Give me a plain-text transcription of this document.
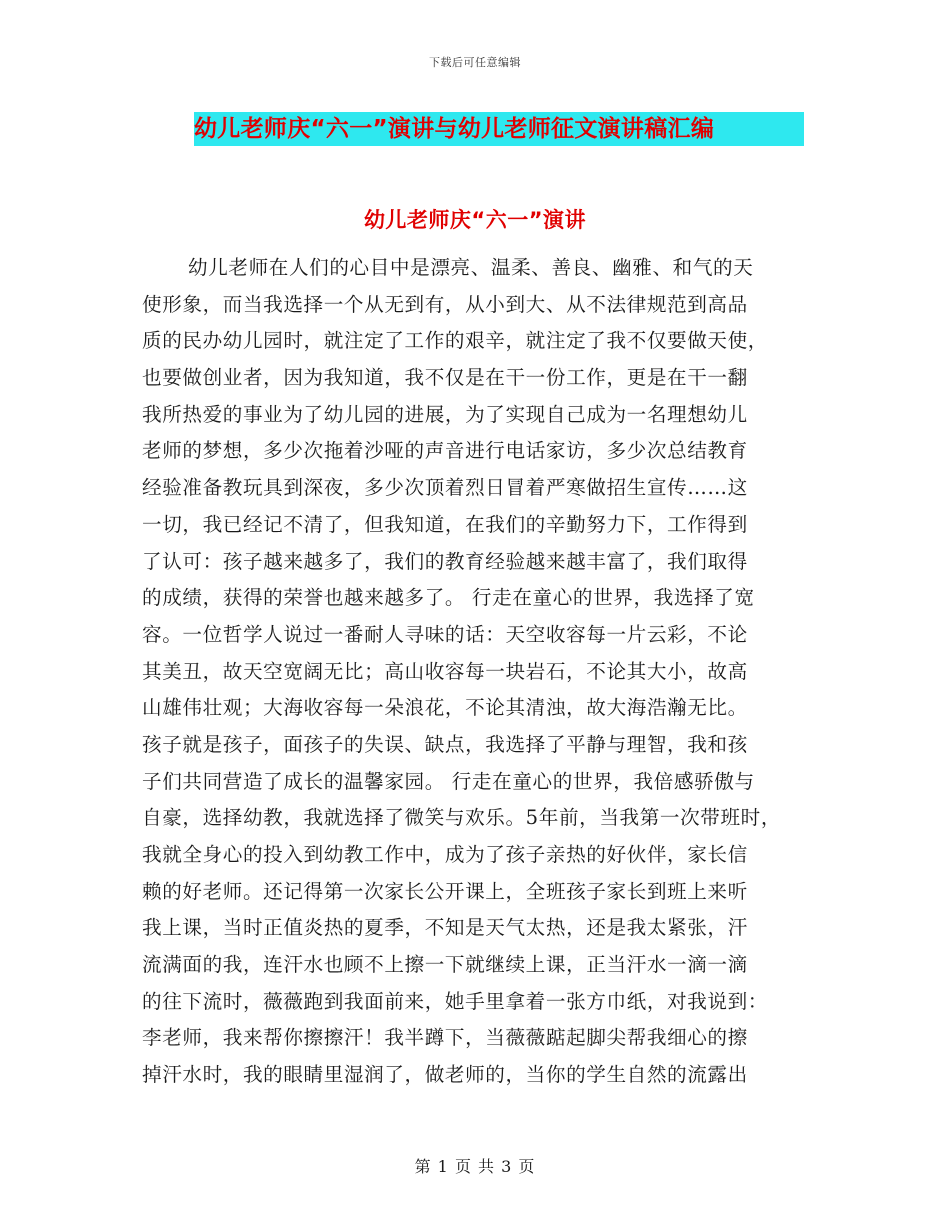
下载后可任意编辑
幼儿老师庆“六一”演讲与幼儿老师征文演讲稿汇编
幼儿老师庆“六一”演讲
幼儿老师在人们的心目中是漂亮、温柔、善良、幽雅、和气的天
使形象，而当我选择一个从无到有，从小到大、从不法律规范到高品
质的民办幼儿园时，就注定了工作的艰辛，就注定了我不仅要做天使，
也要做创业者，因为我知道，我不仅是在干一份工作，更是在干一翻
我所热爱的事业为了幼儿园的进展，为了实现自己成为一名理想幼儿
老师的梦想，多少次拖着沙哑的声音进行电话家访，多少次总结教育
经验准备教玩具到深夜，多少次顶着烈日冒着严寒做招生宣传……这
一切，我已经记不清了，但我知道，在我们的辛勤努力下，工作得到
了认可：孩子越来越多了，我们的教育经验越来越丰富了，我们取得
的成绩，获得的荣誉也越来越多了。 行走在童心的世界，我选择了宽
容。一位哲学人说过一番耐人寻味的话：天空收容每一片云彩，不论
其美丑，故天空宽阔无比；高山收容每一块岩石，不论其大小，故高
山雄伟壮观；大海收容每一朵浪花，不论其清浊，故大海浩瀚无比。
孩子就是孩子，面孩子的失误、缺点，我选择了平静与理智，我和孩
子们共同营造了成长的温馨家园。 行走在童心的世界，我倍感骄傲与
自豪，选择幼教，我就选择了微笑与欢乐。5年前，当我第一次带班时，
我就全身心的投入到幼教工作中，成为了孩子亲热的好伙伴，家长信
赖的好老师。还记得第一次家长公开课上，全班孩子家长到班上来听
我上课，当时正值炎热的夏季，不知是天气太热，还是我太紧张，汗
流满面的我，连汗水也顾不上擦一下就继续上课，正当汗水一滴一滴
的往下流时，薇薇跑到我面前来，她手里拿着一张方巾纸，对我说到：
李老师，我来帮你擦擦汗！我半蹲下，当薇薇踮起脚尖帮我细心的擦
掉汗水时，我的眼睛里湿润了，做老师的，当你的学生自然的流露出
第 1 页 共 3 页
